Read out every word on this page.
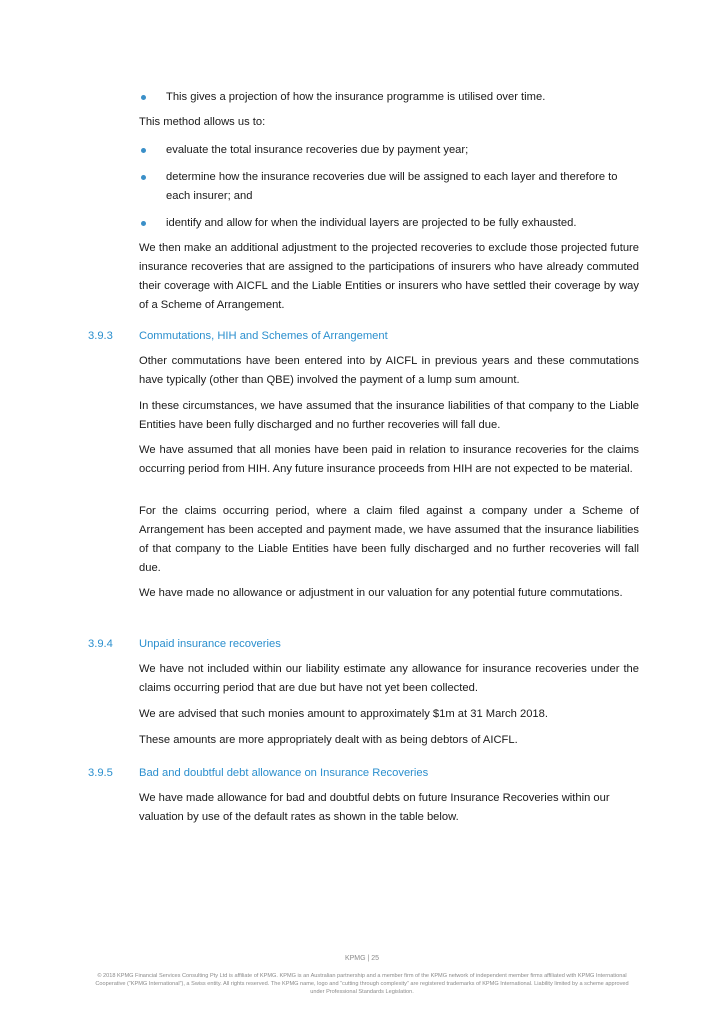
This gives a projection of how the insurance programme is utilised over time.
This method allows us to:
evaluate the total insurance recoveries due by payment year;
determine how the insurance recoveries due will be assigned to each layer and therefore to each insurer; and
identify and allow for when the individual layers are projected to be fully exhausted.
We then make an additional adjustment to the projected recoveries to exclude those projected future insurance recoveries that are assigned to the participations of insurers who have already commuted their coverage with AICFL and the Liable Entities or insurers who have settled their coverage by way of a Scheme of Arrangement.
3.9.3	Commutations, HIH and Schemes of Arrangement
Other commutations have been entered into by AICFL in previous years and these commutations have typically (other than QBE) involved the payment of a lump sum amount.
In these circumstances, we have assumed that the insurance liabilities of that company to the Liable Entities have been fully discharged and no further recoveries will fall due.
We have assumed that all monies have been paid in relation to insurance recoveries for the claims occurring period from HIH. Any future insurance proceeds from HIH are not expected to be material.
For the claims occurring period, where a claim filed against a company under a Scheme of Arrangement has been accepted and payment made, we have assumed that the insurance liabilities of that company to the Liable Entities have been fully discharged and no further recoveries will fall due.
We have made no allowance or adjustment in our valuation for any potential future commutations.
3.9.4	Unpaid insurance recoveries
We have not included within our liability estimate any allowance for insurance recoveries under the claims occurring period that are due but have not yet been collected.
We are advised that such monies amount to approximately $1m at 31 March 2018.
These amounts are more appropriately dealt with as being debtors of AICFL.
3.9.5	Bad and doubtful debt allowance on Insurance Recoveries
We have made allowance for bad and doubtful debts on future Insurance Recoveries within our valuation by use of the default rates as shown in the table below.
KPMG | 25
© 2018 KPMG Financial Services Consulting Pty Ltd is affiliate of KPMG. KPMG is an Australian partnership and a member firm of the KPMG network of independent member firms affiliated with KPMG International Cooperative (“KPMG International”), a Swiss entity. All rights reserved. The KPMG name, logo and “cutting through complexity” are registered trademarks of KPMG International. Liability limited by a scheme approved under Professional Standards Legislation.
